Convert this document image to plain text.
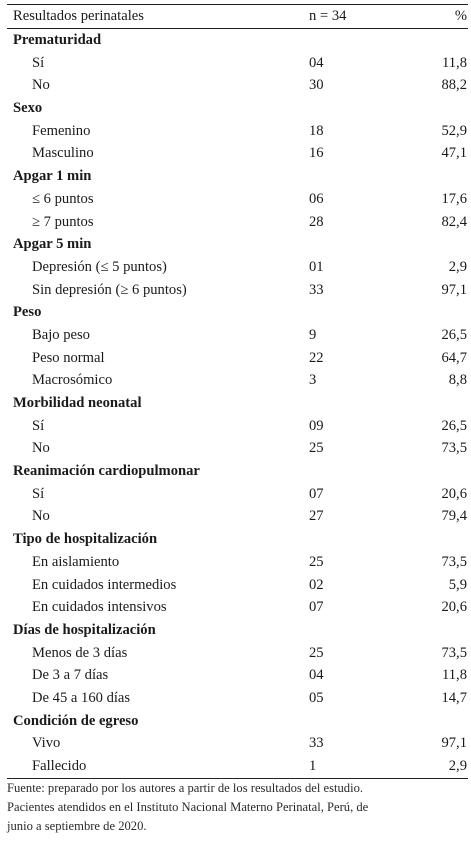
Resultados perinatales	n = 34	%
Prematuridad
Sí	04	11,8
No	30	88,2
Sexo
Femenino	18	52,9
Masculino	16	47,1
Apgar 1 min
≤ 6 puntos	06	17,6
≥ 7 puntos	28	82,4
Apgar 5 min
Depresión (≤ 5 puntos)	01	2,9
Sin depresión (≥ 6 puntos)	33	97,1
Peso
Bajo peso	9	26,5
Peso normal	22	64,7
Macrosómico	3	8,8
Morbilidad neonatal
Sí	09	26,5
No	25	73,5
Reanimación cardiopulmonar
Sí	07	20,6
No	27	79,4
Tipo de hospitalización
En aislamiento	25	73,5
En cuidados intermedios	02	5,9
En cuidados intensivos	07	20,6
Días de hospitalización
Menos de 3 días	25	73,5
De 3 a 7 días	04	11,8
De 45 a 160 días	05	14,7
Condición de egreso
Vivo	33	97,1
Fallecido	1	2,9

Fuente: preparado por los autores a partir de los resultados del estudio.

Pacientes atendidos en el Instituto Nacional Materno Perinatal, Perú, de

junio a septiembre de 2020.
